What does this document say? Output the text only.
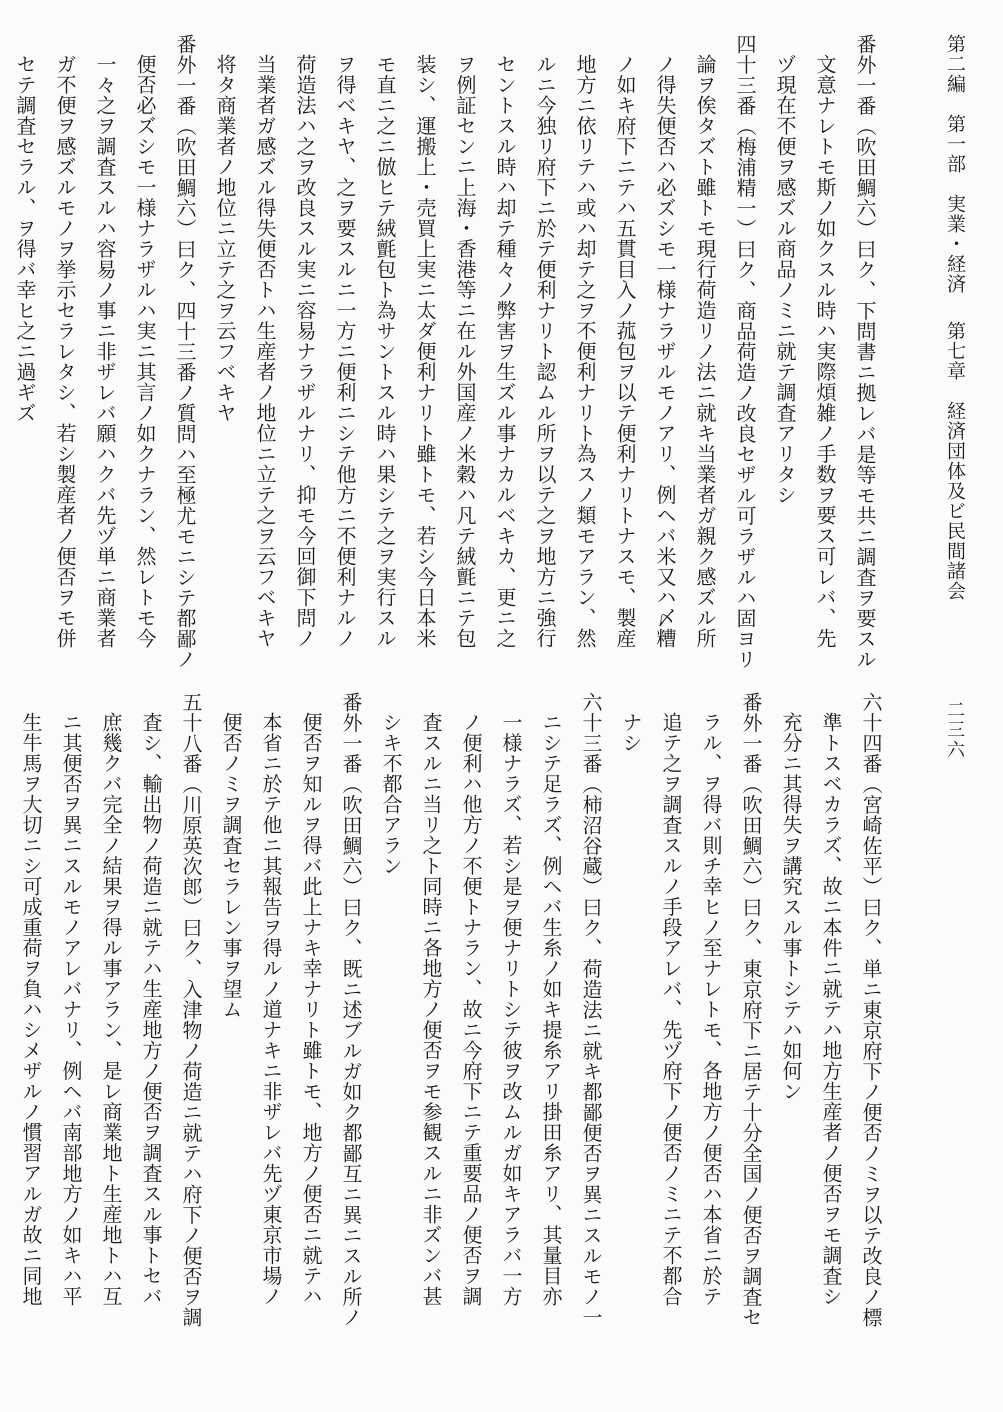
第二編　第一部　実業・経済 第七章　経済団体及ビ民間諸会
二三六
番外一番（吹田鯛六）曰ク、下問書ニ拠レバ是等モ共ニ調査ヲ要スル
文意ナレトモ斯ノ如クスル時ハ実際煩雑ノ手数ヲ要ス可レバ、先
ヅ現在不便ヲ感ズル商品ノミニ就テ調査アリタシ
四十三番（梅浦精一）曰ク、商品荷造ノ改良セザル可ラザルハ固ヨリ
論ヲ俟タズト雖トモ現行荷造リノ法ニ就キ当業者ガ親ク感ズル所
ノ得失便否ハ必ズシモ一様ナラザルモノアリ、例ヘバ米又ハ〆糟
ノ如キ府下ニテハ五貫目入ノ菰包ヲ以テ便利ナリトナスモ、製産
地方ニ依リテハ或ハ却テ之ヲ不便利ナリト為スノ類モアラン、然
ルニ今独リ府下ニ於テ便利ナリト認ムル所ヲ以テ之ヲ地方ニ強行
セントスル時ハ却テ種々ノ弊害ヲ生ズル事ナカルベキカ、更ニ之
ヲ例証センニ上海・香港等ニ在ル外国産ノ米穀ハ凡テ絨氈ニテ包
装シ、運搬上・売買上実ニ太ダ便利ナリト雖トモ、若シ今日本米
モ直ニ之ニ倣ヒテ絨氈包ト為サントスル時ハ果シテ之ヲ実行スル
ヲ得ベキヤ、之ヲ要スルニ一方ニ便利ニシテ他方ニ不便利ナルノ
荷造法ハ之ヲ改良スル実ニ容易ナラザルナリ、抑モ今回御下問ノ
当業者ガ感ズル得失便否トハ生産者ノ地位ニ立テ之ヲ云フベキヤ
将タ商業者ノ地位ニ立テ之ヲ云フベキヤ
番外一番（吹田鯛六）曰ク、四十三番ノ質問ハ至極尤モニシテ都鄙ノ
便否必ズシモ一様ナラザルハ実ニ其言ノ如クナラン、然レトモ今
一々之ヲ調査スルハ容易ノ事ニ非ザレバ願ハクバ先ヅ単ニ商業者
ガ不便ヲ感ズルモノヲ挙示セラレタシ、若シ製産者ノ便否ヲモ併
セテ調査セラル、ヲ得バ幸ヒ之ニ過ギズ
六十四番（宮崎佐平）曰ク、単ニ東京府下ノ便否ノミヲ以テ改良ノ標
準トスベカラズ、故ニ本件ニ就テハ地方生産者ノ便否ヲモ調査シ
充分ニ其得失ヲ講究スル事トシテハ如何ン
番外一番（吹田鯛六）曰ク、東京府下ニ居テ十分全国ノ便否ヲ調査セ
ラル、ヲ得バ則チ幸ヒノ至ナレトモ、各地方ノ便否ハ本省ニ於テ
追テ之ヲ調査スルノ手段アレバ、先ヅ府下ノ便否ノミニテ不都合
ナシ
六十三番（柿沼谷蔵）曰ク、荷造法ニ就キ都鄙便否ヲ異ニスルモノ一
ニシテ足ラズ、例ヘバ生糸ノ如キ提糸アリ掛田糸アリ、其量目亦
一様ナラズ、若シ是ヲ便ナリトシテ彼ヲ改ムルガ如キアラバ一方
ノ便利ハ他方ノ不便トナラン、故ニ今府下ニテ重要品ノ便否ヲ調
査スルニ当リ之ト同時ニ各地方ノ便否ヲモ参観スルニ非ズンバ甚
シキ不都合アラン
番外一番（吹田鯛六）曰ク、既ニ述ブルガ如ク都鄙互ニ異ニスル所ノ
便否ヲ知ルヲ得バ此上ナキ幸ナリト雖トモ、地方ノ便否ニ就テハ
本省ニ於テ他ニ其報告ヲ得ルノ道ナキニ非ザレバ先ヅ東京市場ノ
便否ノミヲ調査セラレン事ヲ望ム
五十八番（川原英次郎）曰ク、入津物ノ荷造ニ就テハ府下ノ便否ヲ調
査シ、輸出物ノ荷造ニ就テハ生産地方ノ便否ヲ調査スル事トセバ
庶幾クバ完全ノ結果ヲ得ル事アラン、是レ商業地ト生産地トハ互
ニ其便否ヲ異ニスルモノアレバナリ、例ヘバ南部地方ノ如キハ平
生牛馬ヲ大切ニシ可成重荷ヲ負ハシメザルノ慣習アルガ故ニ同地
